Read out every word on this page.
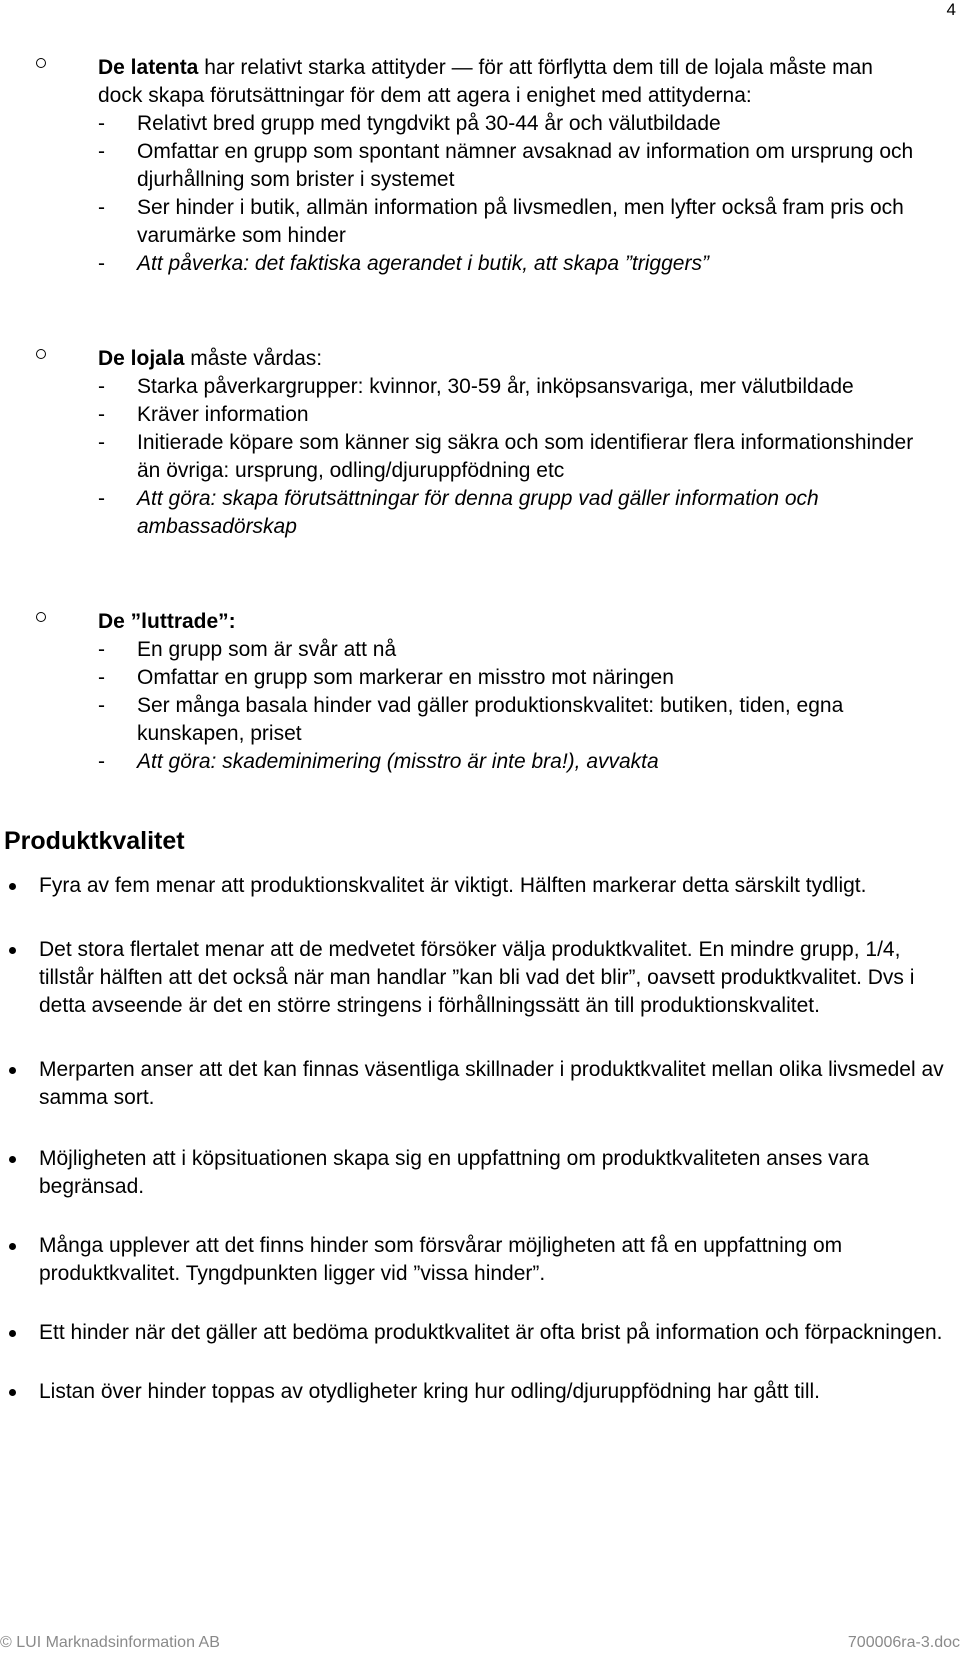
4

De latenta har relativt starka attityder — för att förflytta dem till de lojala måste man dock skapa förutsättningar för dem att agera i enighet med attityderna:

- Relativt bred grupp med tyngdvikt på 30-44 år och välutbildade
- Omfattar en grupp som spontant nämner avsaknad av information om ursprung och djurhållning som brister i systemet
- Ser hinder i butik, allmän information på livsmedlen, men lyfter också fram pris och varumärke som hinder
- Att påverka: det faktiska agerandet i butik, att skapa ”triggers”

De lojala måste vårdas:

- Starka påverkargrupper: kvinnor, 30-59 år, inköpsansvariga, mer välutbildade
- Kräver information
- Initierade köpare som känner sig säkra och som identifierar flera informationshinder än övriga: ursprung, odling/djuruppfödning etc
- Att göra: skapa förutsättningar för denna grupp vad gäller information och ambassadörskap

De ”luttrade”:

- En grupp som är svår att nå
- Omfattar en grupp som markerar en misstro mot näringen
- Ser många basala hinder vad gäller produktionskvalitet: butiken, tiden, egna kunskapen, priset
- Att göra: skademinimering (misstro är inte bra!), avvakta
Produktkvalitet
Fyra av fem menar att produktionskvalitet är viktigt. Hälften markerar detta särskilt tydligt.
Det stora flertalet menar att de medvetet försöker välja produktkvalitet. En mindre grupp, 1/4, tillstår hälften att det också när man handlar ”kan bli vad det blir”, oavsett produktkvalitet. Dvs i detta avseende är det en större stringens i förhållningssätt än till produktionskvalitet.
Merparten anser att det kan finnas väsentliga skillnader i produktkvalitet mellan olika livsmedel av samma sort.
Möjligheten att i köpsituationen skapa sig en uppfattning om produktkvaliteten anses vara begränsad.
Många upplever att det finns hinder som försvårar möjligheten att få en uppfattning om produktkvalitet. Tyngdpunkten ligger vid ”vissa hinder”.
Ett hinder när det gäller att bedöma produktkvalitet är ofta brist på information och förpackningen.
Listan över hinder toppas av otydligheter kring hur odling/djuruppfödning har gått till.
© LUI Marknadsinformation AB	700006ra-3.doc
